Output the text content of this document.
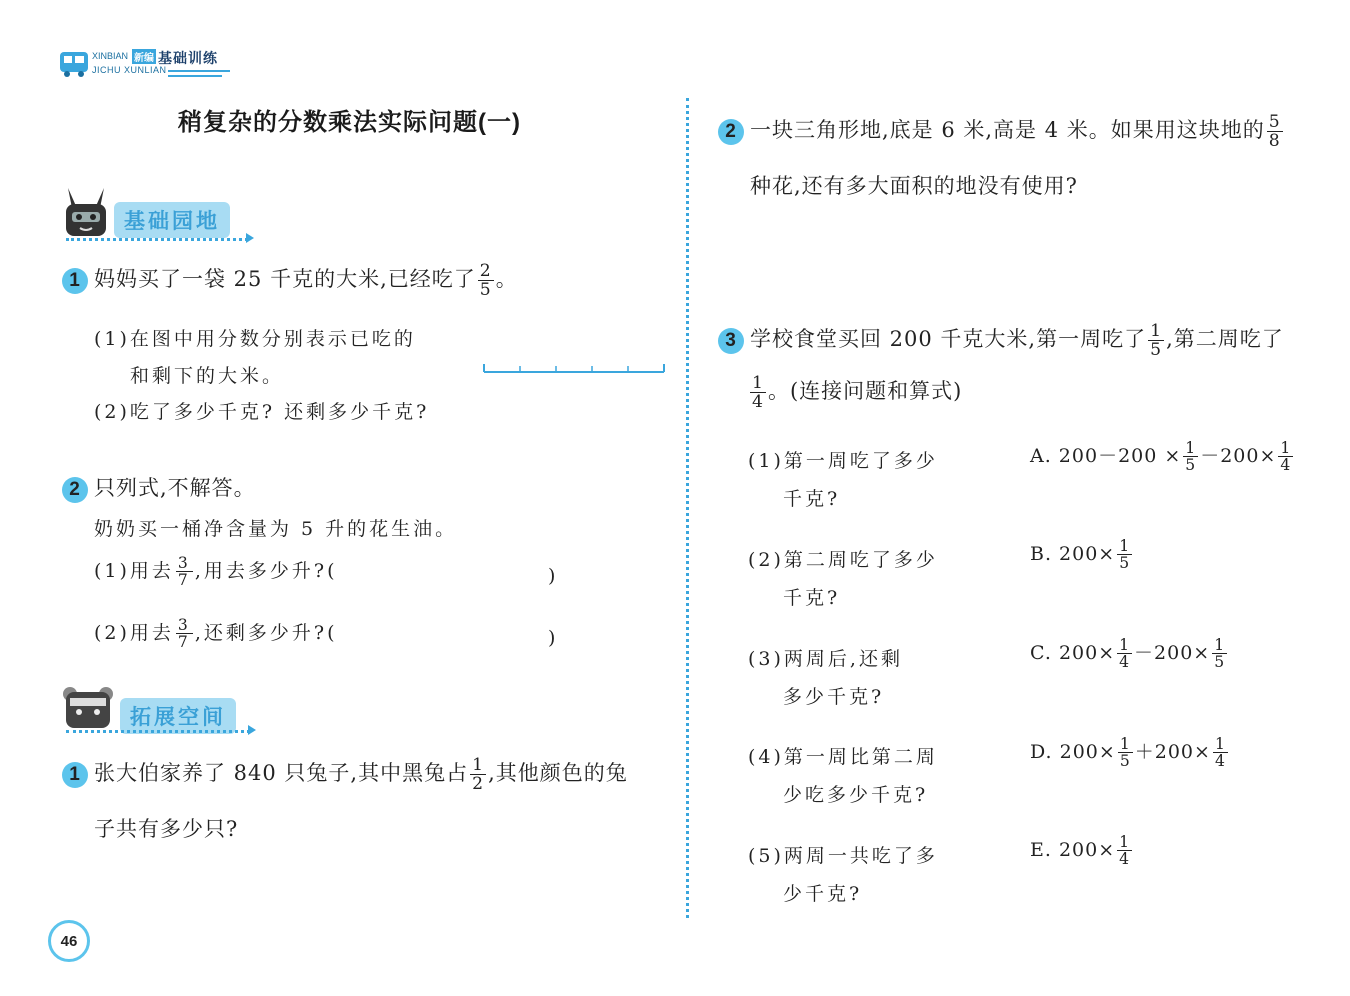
XINBIAN 新编 基础训练
JICHU XUNLIAN
稍复杂的分数乘法实际问题(一)
基础园地
1 妈妈买了一袋 25 千克的大米,已经吃了 $\frac{2}{5}$ 。
(1)在图中用分数分别表示已吃的
和剩下的大米。
(2)吃了多少千克? 还剩多少千克?
2 只列式,不解答。
奶奶买一桶净含量为 5 升的花生油。
(1)用去 $\frac{3}{7}$ ,用去多少升?(	)
(2)用去 $\frac{3}{7}$ ,还剩多少升?(	)
拓展空间
1 张大伯家养了 840 只兔子,其中黑兔占 $\frac{1}{2}$ ,其他颜色的兔
子共有多少只?
46
2 一块三角形地,底是 6 米,高是 4 米。如果用这块地的 $\frac{5}{8}$
种花,还有多大面积的地没有使用?
3 学校食堂买回 200 千克大米,第一周吃了 $\frac{1}{5}$ ,第二周吃了
$\frac{1}{4}$ 。(连接问题和算式)
(1)第一周吃了多少
千克?
(2)第二周吃了多少
千克?
(3)两周后,还剩
多少千克?
(4)第一周比第二周
少吃多少千克?
(5)两周一共吃了多
少千克?
A. $200-200 \times \frac{1}{5} -200\times \frac{1}{4}$
B. $200\times \frac{1}{5}$
C. $200\times \frac{1}{4} -200\times \frac{1}{5}$
D. $200\times \frac{1}{5} +200\times \frac{1}{4}$
E. $200\times \frac{1}{4}$
